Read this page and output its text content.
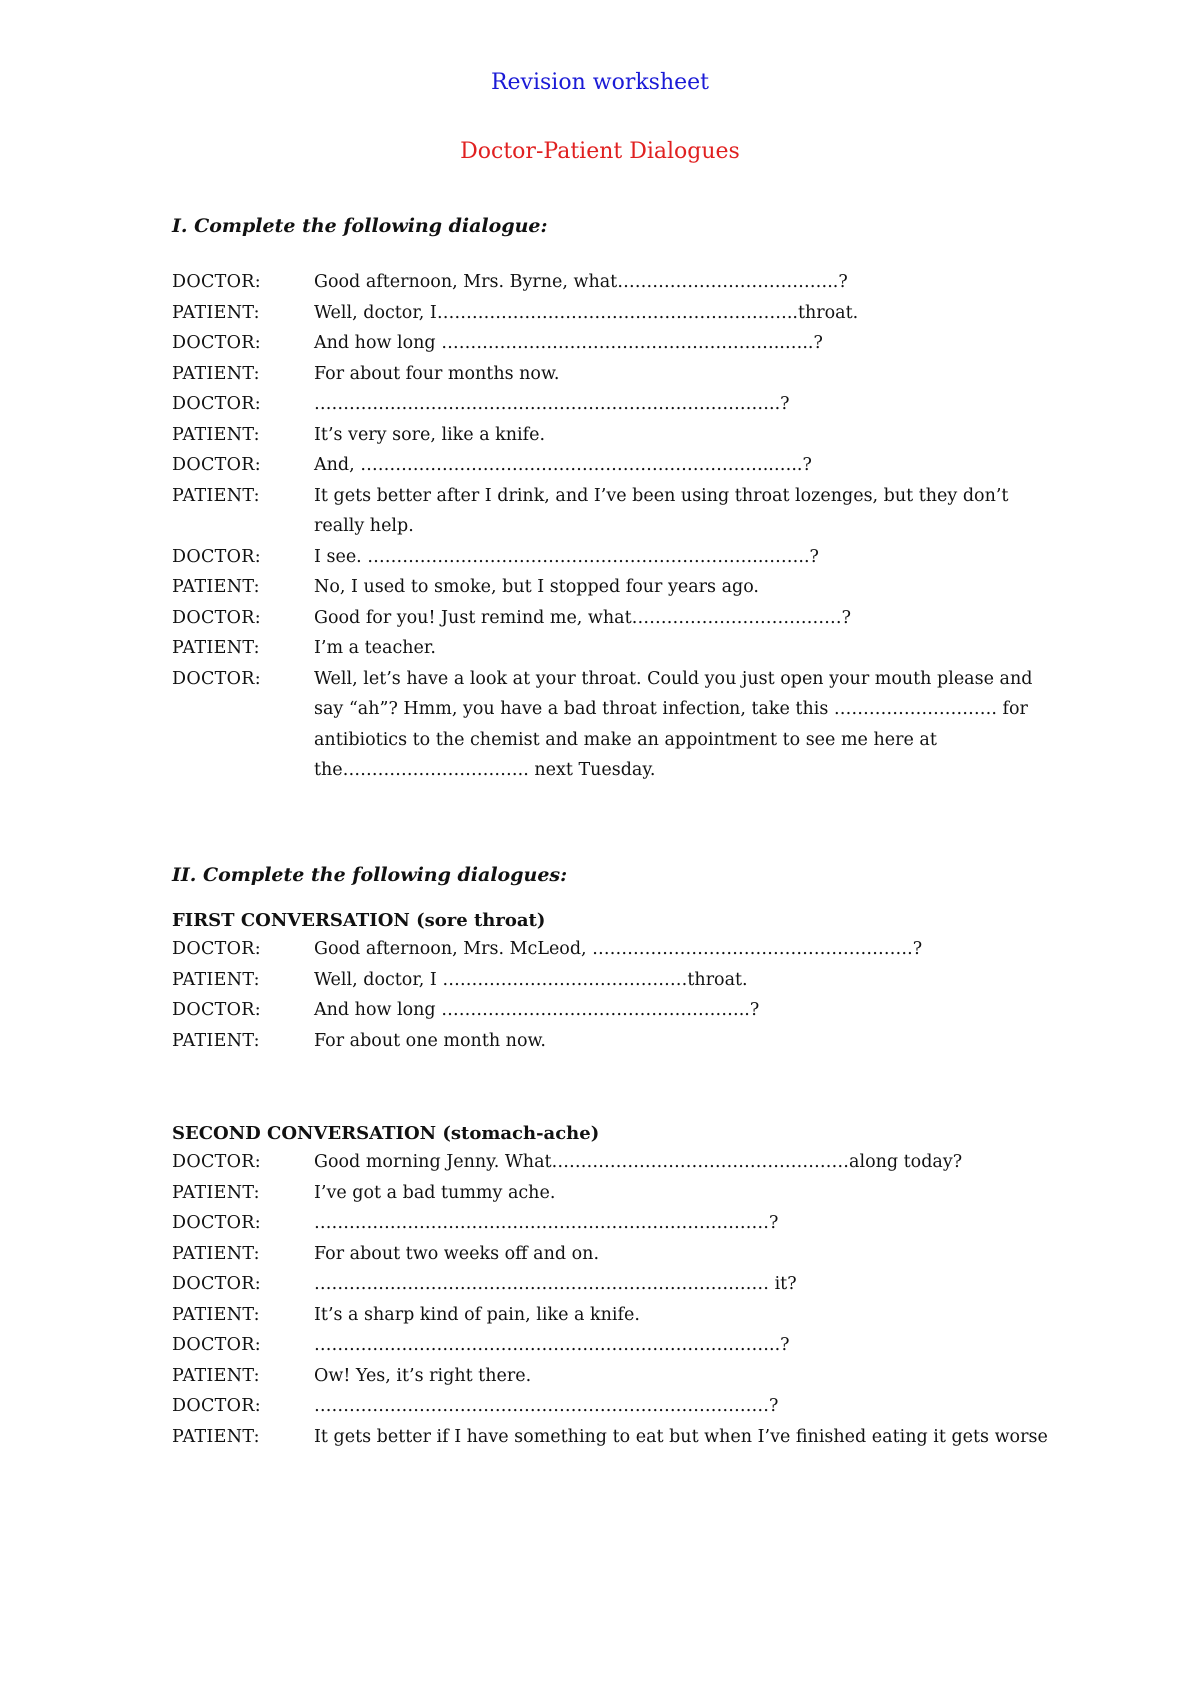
Revision worksheet
Doctor-Patient Dialogues
I. Complete the following dialogue:
DOCTOR:	Good afternoon, Mrs. Byrne, what………………………………..?
PATIENT:	Well, doctor, I……………………………………………………..throat.
DOCTOR:	And how long …………………………………………………..…..?
PATIENT:	For about four months now.
DOCTOR:	……………………………………………………………………..?
PATIENT:	It’s very sore, like a knife.
DOCTOR:	And, ……………………………………………………………..…..?
PATIENT:	It gets better after I drink, and I’ve been using throat lozenges, but they don’t really help.
DOCTOR:	I see. …………………………………………………………..……..?
PATIENT:	No, I used to smoke, but I stopped four years ago.
DOCTOR:	Good for you! Just remind me, what………………………………?
PATIENT:	I’m a teacher.
DOCTOR:	Well, let’s have a look at your throat. Could you just open your mouth please and say “ah”? Hmm, you have a bad throat infection, take this ………………………. for antibiotics to the chemist and make an appointment to see me here at the………………………….. next Tuesday.
II. Complete the following dialogues:
FIRST CONVERSATION (sore throat)
DOCTOR:	Good afternoon, Mrs. McLeod, ……………………………………………….?
PATIENT:	Well, doctor, I ……………………………………throat.
DOCTOR:	And how long ……………………………………………..?
PATIENT:	For about one month now.
SECOND CONVERSATION (stomach-ache)
DOCTOR:	Good morning Jenny. What……………………………………………along today?
PATIENT:	I’ve got a bad tummy ache.
DOCTOR:	……………………………………………………………………?
PATIENT:	For about two weeks off and on.
DOCTOR:	…………………………………………………………………… it?
PATIENT:	It’s a sharp kind of pain, like a knife.
DOCTOR:	……………………………………………………………………..?
PATIENT:	Ow! Yes, it’s right there.
DOCTOR:	……………………………………………………………………?
PATIENT:	It gets better if I have something to eat but when I’ve finished eating it gets worse
